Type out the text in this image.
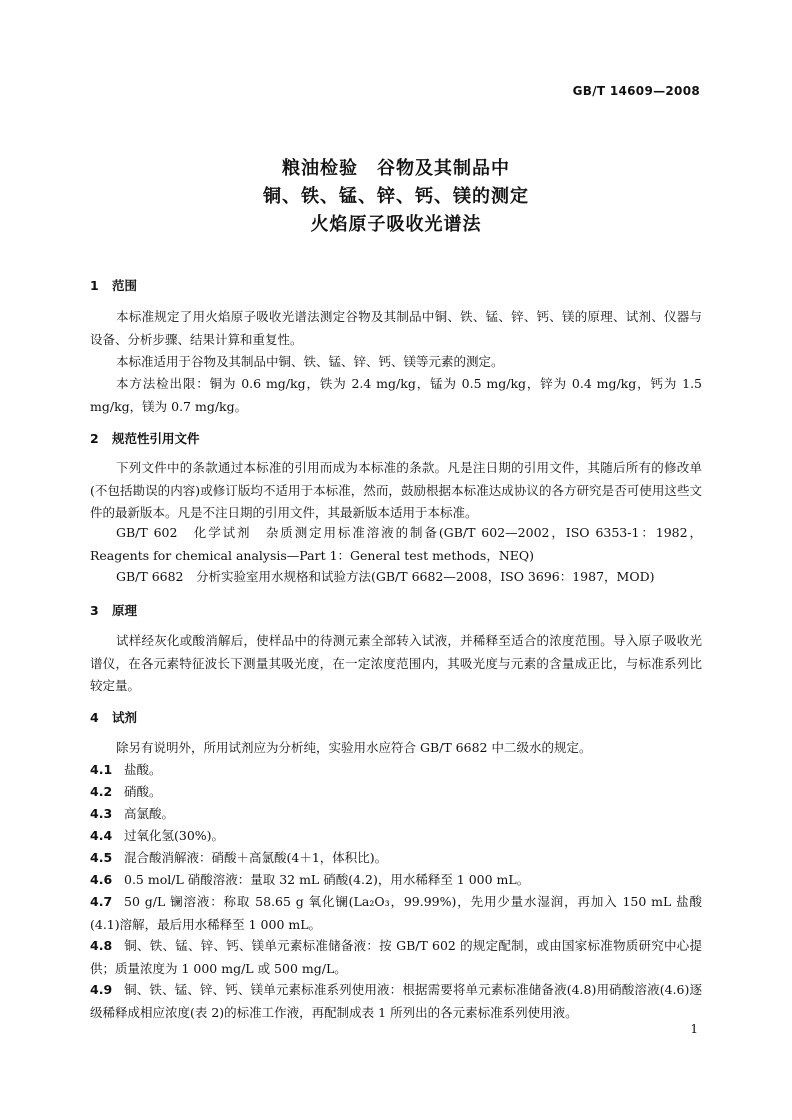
GB/T 14609—2008
粮油检验　谷物及其制品中
铜、铁、锰、锌、钙、镁的测定
火焰原子吸收光谱法
1 范围
本标准规定了用火焰原子吸收光谱法测定谷物及其制品中铜、铁、锰、锌、钙、镁的原理、试剂、仪器与设备、分析步骤、结果计算和重复性。
本标准适用于谷物及其制品中铜、铁、锰、锌、钙、镁等元素的测定。
本方法检出限：铜为 0.6 mg/kg，铁为 2.4 mg/kg，锰为 0.5 mg/kg，锌为 0.4 mg/kg，钙为 1.5 mg/kg，镁为 0.7 mg/kg。
2 规范性引用文件
下列文件中的条款通过本标准的引用而成为本标准的条款。凡是注日期的引用文件，其随后所有的修改单(不包括勘误的内容)或修订版均不适用于本标准，然而，鼓励根据本标准达成协议的各方研究是否可使用这些文件的最新版本。凡是不注日期的引用文件，其最新版本适用于本标准。
GB/T 602　化学试剂　杂质测定用标准溶液的制备(GB/T 602—2002，ISO 6353-1：1982，Reagents for chemical analysis—Part 1：General test methods，NEQ)
GB/T 6682　分析实验室用水规格和试验方法(GB/T 6682—2008，ISO 3696：1987，MOD)
3 原理
试样经灰化或酸消解后，使样品中的待测元素全部转入试液，并稀释至适合的浓度范围。导入原子吸收光谱仪，在各元素特征波长下测量其吸光度，在一定浓度范围内，其吸光度与元素的含量成正比，与标准系列比较定量。
4 试剂
除另有说明外，所用试剂应为分析纯，实验用水应符合 GB/T 6682 中二级水的规定。
4.1 盐酸。
4.2 硝酸。
4.3 高氯酸。
4.4 过氧化氢(30%)。
4.5 混合酸消解液：硝酸＋高氯酸(4＋1，体积比)。
4.6 0.5 mol/L 硝酸溶液：量取 32 mL 硝酸(4.2)，用水稀释至 1 000 mL。
4.7 50 g/L 镧溶液：称取 58.65 g 氧化镧(La₂O₃，99.99%)，先用少量水湿润，再加入 150 mL 盐酸(4.1)溶解，最后用水稀释至 1 000 mL。
4.8 铜、铁、锰、锌、钙、镁单元素标准储备液：按 GB/T 602 的规定配制，或由国家标准物质研究中心提供；质量浓度为 1 000 mg/L 或 500 mg/L。
4.9 铜、铁、锰、锌、钙、镁单元素标准系列使用液：根据需要将单元素标准储备液(4.8)用硝酸溶液(4.6)逐级稀释成相应浓度(表 2)的标准工作液，再配制成表 1 所列出的各元素标准系列使用液。
1
